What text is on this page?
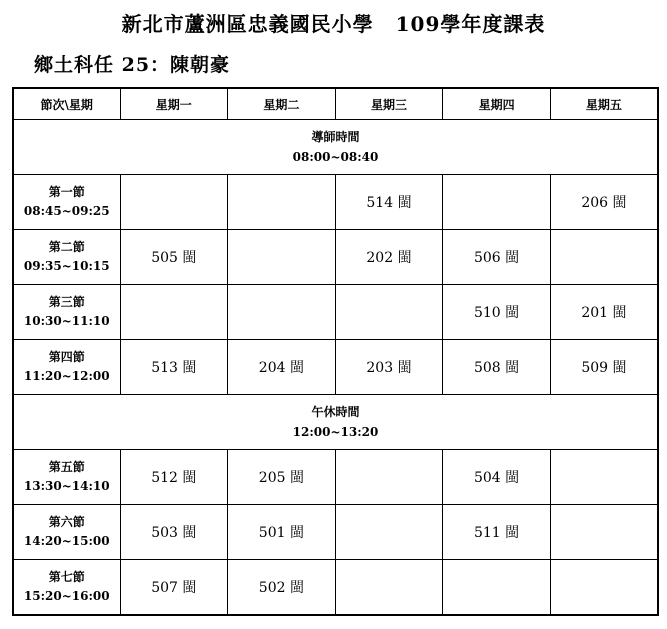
新北市蘆洲區忠義國民小學 109學年度課表
鄉土科任 25：陳朝豪
節次\星期	星期一	星期二	星期三	星期四	星期五

導師時間
08:00~08:40					

第一節
08:45~09:25			514 閩		206 閩

第二節
09:35~10:15	505 閩		202 閩	506 閩	

第三節
10:30~11:10				510 閩	201 閩

第四節
11:20~12:00	513 閩	204 閩	203 閩	508 閩	509 閩

午休時間
12:00~13:20					

第五節
13:30~14:10	512 閩	205 閩		504 閩	

第六節
14:20~15:00	503 閩	501 閩		511 閩	

第七節
15:20~16:00	507 閩	502 閩			
